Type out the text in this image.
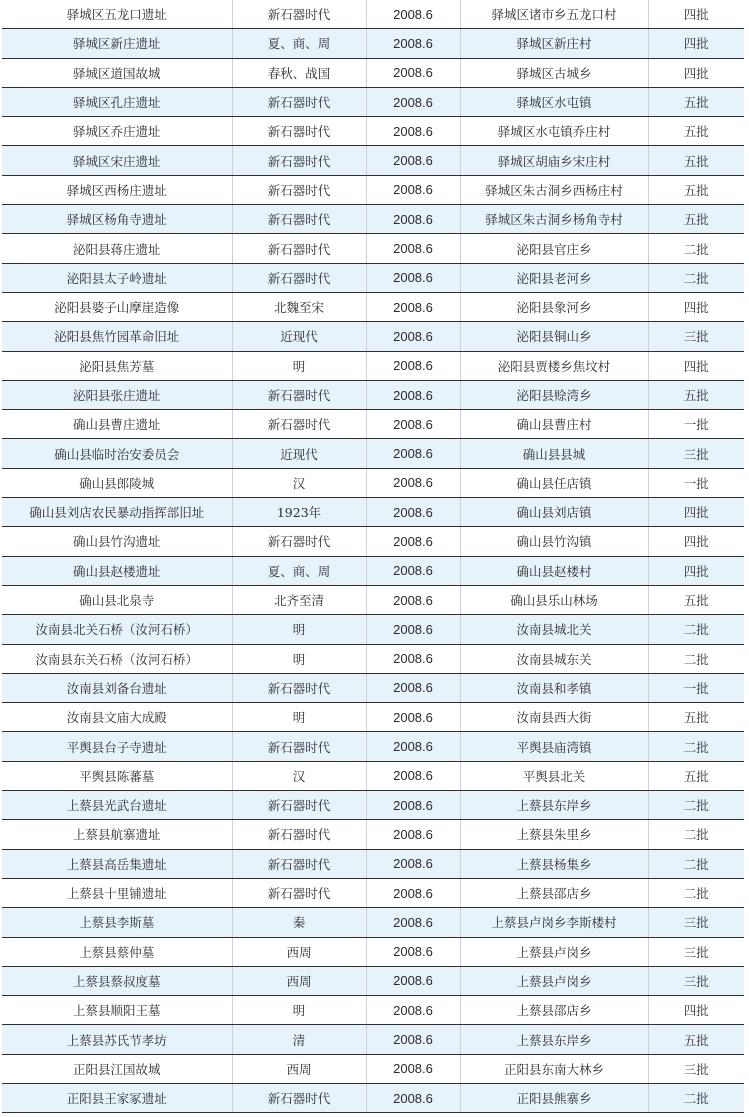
驿城区五龙口遗址	新石器时代	2008.6	驿城区诸市乡五龙口村	四批
驿城区新庄遗址	夏、商、周	2008.6	驿城区新庄村	四批
驿城区道国故城	春秋、战国	2008.6	驿城区古城乡	四批
驿城区孔庄遗址	新石器时代	2008.6	驿城区水屯镇	五批
驿城区乔庄遗址	新石器时代	2008.6	驿城区水屯镇乔庄村	五批
驿城区宋庄遗址	新石器时代	2008.6	驿城区胡庙乡宋庄村	五批
驿城区西杨庄遗址	新石器时代	2008.6	驿城区朱古洞乡西杨庄村	五批
驿城区杨角寺遗址	新石器时代	2008.6	驿城区朱古洞乡杨角寺村	五批
泌阳县蒋庄遗址	新石器时代	2008.6	泌阳县官庄乡	二批
泌阳县太子岭遗址	新石器时代	2008.6	泌阳县老河乡	二批
泌阳县婆子山摩崖造像	北魏至宋	2008.6	泌阳县象河乡	四批
泌阳县焦竹园革命旧址	近现代	2008.6	泌阳县铜山乡	三批
泌阳县焦芳墓	明	2008.6	泌阳县贾楼乡焦坟村	四批
泌阳县张庄遗址	新石器时代	2008.6	泌阳县赊湾乡	五批
确山县曹庄遗址	新石器时代	2008.6	确山县曹庄村	一批
确山县临时治安委员会	近现代	2008.6	确山县县城	三批
确山县郎陵城	汉	2008.6	确山县任店镇	一批
确山县刘店农民暴动指挥部旧址	1923年	2008.6	确山县刘店镇	四批
确山县竹沟遗址	新石器时代	2008.6	确山县竹沟镇	四批
确山县赵楼遗址	夏、商、周	2008.6	确山县赵楼村	四批
确山县北泉寺	北齐至清	2008.6	确山县乐山林场	五批
汝南县北关石桥（汝河石桥）	明	2008.6	汝南县城北关	二批
汝南县东关石桥（汝河石桥）	明	2008.6	汝南县城东关	二批
汝南县刘备台遗址	新石器时代	2008.6	汝南县和孝镇	一批
汝南县文庙大成殿	明	2008.6	汝南县西大街	五批
平舆县台子寺遗址	新石器时代	2008.6	平舆县庙湾镇	二批
平舆县陈蕃墓	汉	2008.6	平舆县北关	五批
上蔡县光武台遗址	新石器时代	2008.6	上蔡县东岸乡	二批
上蔡县航寨遗址	新石器时代	2008.6	上蔡县朱里乡	二批
上蔡县高岳集遗址	新石器时代	2008.6	上蔡县杨集乡	二批
上蔡县十里铺遗址	新石器时代	2008.6	上蔡县邵店乡	二批
上蔡县李斯墓	秦	2008.6	上蔡县卢岗乡李斯楼村	三批
上蔡县蔡仲墓	西周	2008.6	上蔡县卢岗乡	三批
上蔡县蔡叔度墓	西周	2008.6	上蔡县卢岗乡	三批
上蔡县顺阳王墓	明	2008.6	上蔡县邵店乡	四批
上蔡县苏氏节孝坊	清	2008.6	上蔡县东岸乡	五批
正阳县江国故城	西周	2008.6	正阳县东南大林乡	三批
正阳县王家冢遗址	新石器时代	2008.6	正阳县熊寨乡	二批
